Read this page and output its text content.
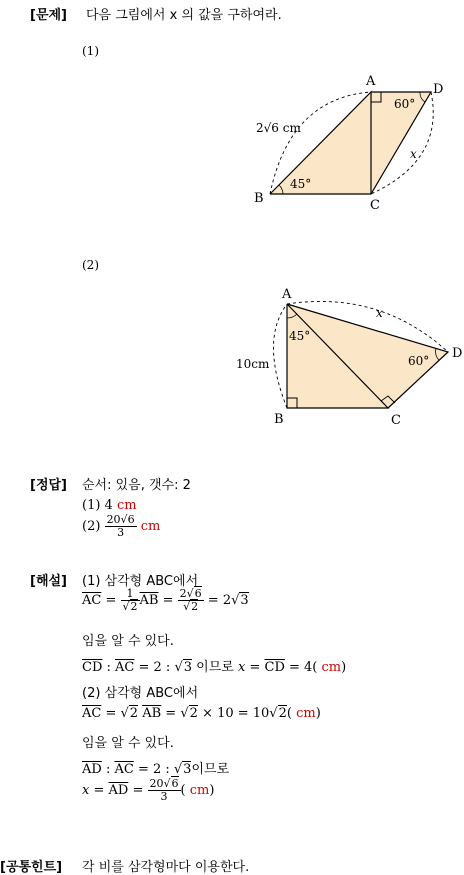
[문제] 다음 그림에서 x 의 값을 구하여라.
(1)
A
D
B	C
2√6 cm
45°
60°
x
(2)
A
D
B	C
10cm
45°
60°
x
[정답] 순서: 있음, 갯수: 2
(1) 4 cm
$(2) \frac{20√6}{3}$ cm
[해설] (1) 삼각형 ABC에서
$\overline{AC} = \frac{1}{√2} \overline{AB} = \frac{2√6}{√2} = 2√3$
임을 알 수 있다.
$\overline{CD}$ : $\overline{AC} = 2$ : √3 이므로 $x = \overline{CD} = 4$( cm)
(2) 삼각형 ABC에서
$\overline{AC} = √2$ $\overline{AB} = √2 \times 10 = 10√2$( cm)
임을 알 수 있다.
$\overline{AD}$ : $\overline{AC} = 2$ : √3이므로
$x = \overline{AD} = \frac{20√6}{3}$ ( cm)
[공통힌트] 각 비를 삼각형마다 이용한다.
